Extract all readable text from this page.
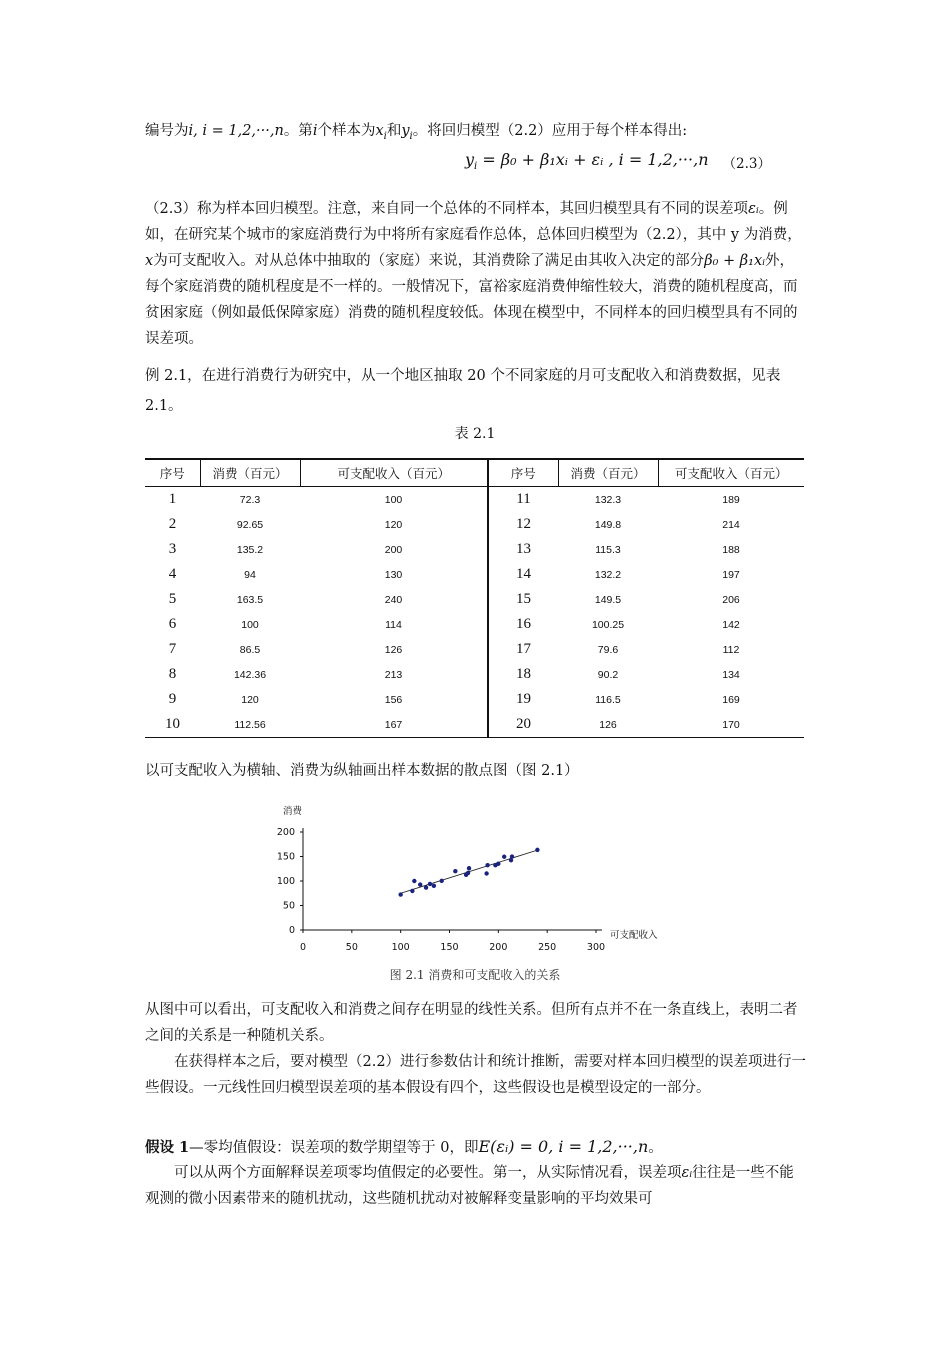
编号为i, i = 1,2,···,n。第i个样本为$x_i$和$y_i$。将回归模型（2.2）应用于每个样本得出:

$y_i = \beta_0$ + β₁xᵢ + εᵢ , i = 1,2,···,n （2.3）

（2.3）称为样本回归模型。注意，来自同一个总体的不同样本，其回归模型具有不同的误差项εᵢ。例如，在研究某个城市的家庭消费行为中将所有家庭看作总体，总体回归模型为（2.2），其中 y 为消费，x为可支配收入。对从总体中抽取的（家庭）来说，其消费除了满足由其收入决定的部分β₀ + β₁xᵢ外，每个家庭消费的随机程度是不一样的。一般情况下，富裕家庭消费伸缩性较大，消费的随机程度高，而贫困家庭（例如最低保障家庭）消费的随机程度较低。体现在模型中，不同样本的回归模型具有不同的误差项。

例 2.1，在进行消费行为研究中，从一个地区抽取 20 个不同家庭的月可支配收入和消费数据，见表 2.1。

表 2.1
序号	消费（百元）	可支配收入（百元）	序号	消费（百元）	可支配收入（百元）
1	72.3	100	11	132.3	189
2	92.65	120	12	149.8	214
3	135.2	200	13	115.3	188
4	94	130	14	132.2	197
5	163.5	240	15	149.5	206
6	100	114	16	100.25	142
7	86.5	126	17	79.6	112
8	142.36	213	18	90.2	134
9	120	156	19	116.5	169
10	112.56	167	20	126	170

以可支配收入为横轴、消费为纵轴画出样本数据的散点图（图 2.1）

0	50	100	150	200	250	300
0
50
100
150
200
消费
可支配收入
图 2.1 消费和可支配收入的关系

从图中可以看出，可支配收入和消费之间存在明显的线性关系。但所有点并不在一条直线上，表明二者之间的关系是一种随机关系。

在获得样本之后，要对模型（2.2）进行参数估计和统计推断，需要对样本回归模型的误差项进行一些假设。一元线性回归模型误差项的基本假设有四个，这些假设也是模型设定的一部分。

假设 1—零均值假设：误差项的数学期望等于 0，即E(εᵢ) = 0, i = 1,2,···,n。

可以从两个方面解释误差项零均值假定的必要性。第一，从实际情况看，误差项εᵢ往往是一些不能观测的微小因素带来的随机扰动，这些随机扰动对被解释变量影响的平均效果可
